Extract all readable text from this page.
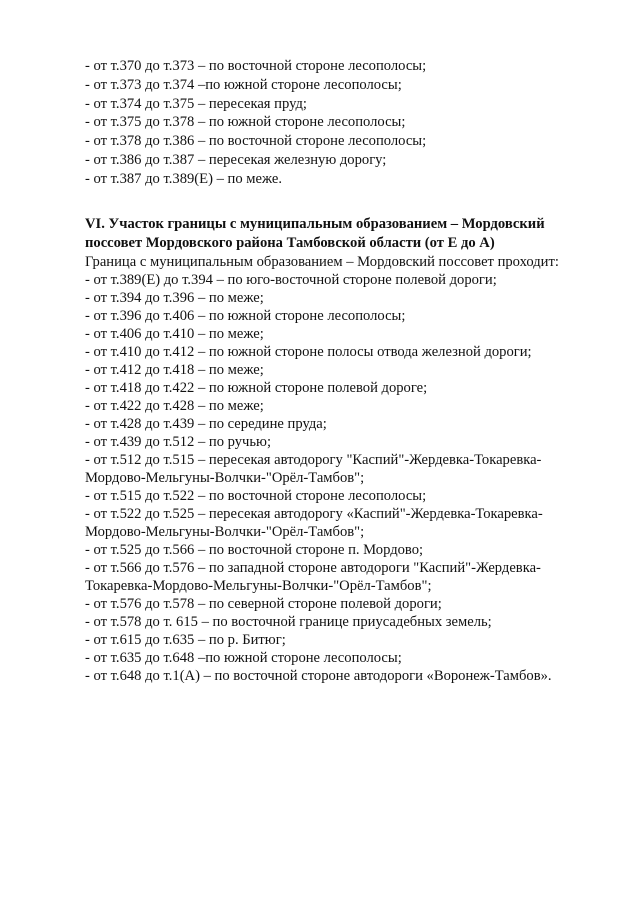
- от т.370 до т.373 – по восточной стороне лесополосы;
- от т.373 до т.374 –по южной стороне лесополосы;
- от т.374 до т.375 – пересекая пруд;
- от т.375 до т.378 – по южной стороне лесополосы;
- от т.378 до т.386 – по восточной стороне лесополосы;
- от т.386 до т.387 – пересекая железную дорогу;
- от т.387 до т.389(Е) – по меже.
VI. Участок границы с муниципальным образованием – Мордовский
поссовет Мордовского района Тамбовской области (от Е до А)
Граница с муниципальным образованием – Мордовский поссовет проходит:
- от т.389(Е) до т.394 – по юго-восточной стороне полевой дороги;
- от т.394 до т.396 – по меже;
- от т.396 до т.406 – по южной стороне лесополосы;
- от т.406 до т.410 – по меже;
- от т.410 до т.412 – по южной стороне полосы отвода железной дороги;
- от т.412 до т.418 – по меже;
- от т.418 до т.422 – по южной стороне полевой дороге;
- от т.422 до т.428 – по меже;
- от т.428 до т.439 – по середине пруда;
- от т.439 до т.512 – по ручью;
- от т.512 до т.515 – пересекая автодорогу "Каспий"-Жердевка-Токаревка-
Мордово-Мельгуны-Волчки-"Орёл-Тамбов";
- от т.515 до т.522 – по восточной стороне лесополосы;
- от т.522 до т.525 – пересекая автодорогу «Каспий"-Жердевка-Токаревка-
Мордово-Мельгуны-Волчки-"Орёл-Тамбов";
- от т.525 до т.566 – по восточной стороне п. Мордово;
- от т.566 до т.576 – по западной стороне автодороги "Каспий"-Жердевка-
Токаревка-Мордово-Мельгуны-Волчки-"Орёл-Тамбов";
- от т.576 до т.578 – по северной стороне полевой дороги;
- от т.578 до т. 615 – по восточной границе приусадебных земель;
- от т.615 до т.635 – по р. Битюг;
- от т.635 до т.648 –по южной стороне лесополосы;
- от т.648 до т.1(А) – по восточной стороне автодороги «Воронеж-Тамбов».
